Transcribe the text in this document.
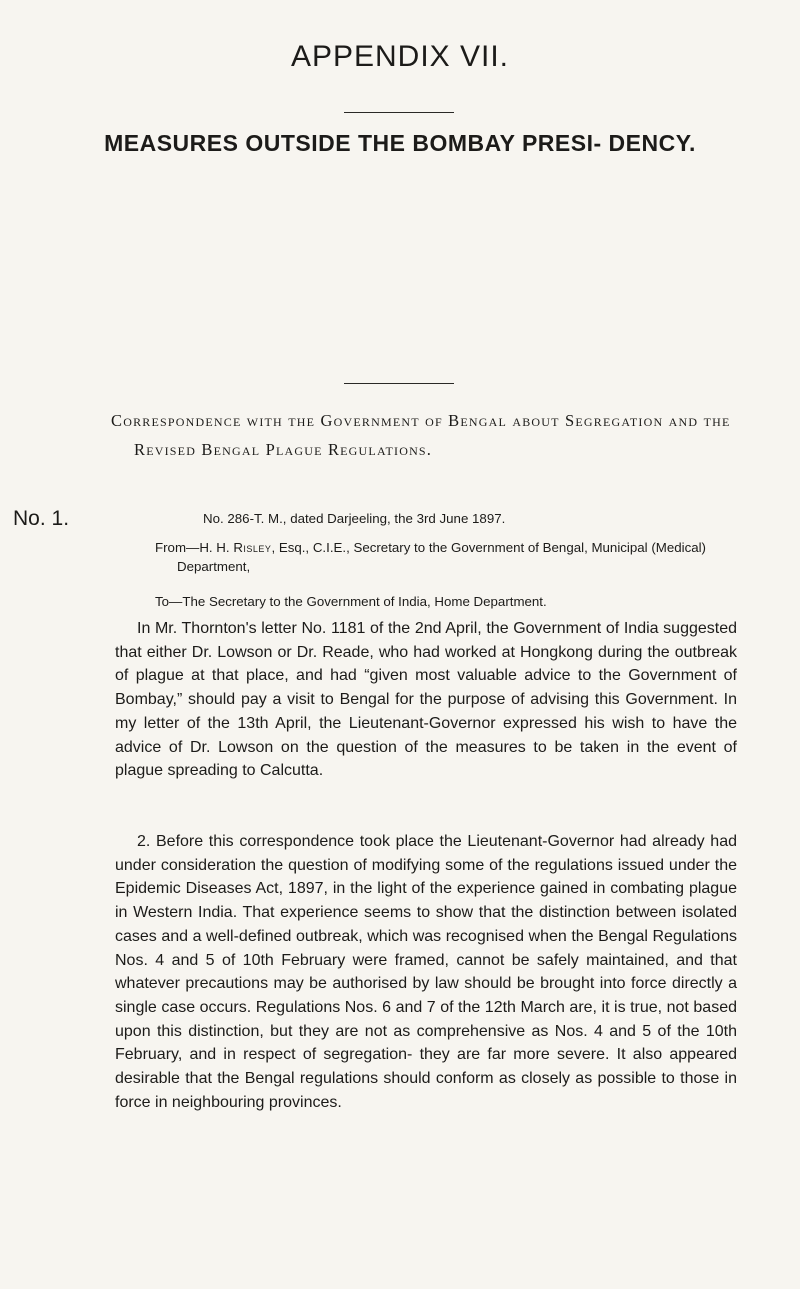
APPENDIX VII.
MEASURES OUTSIDE THE BOMBAY PRESI- DENCY.
Correspondence with the Government of Bengal about Segregation and the Revised Bengal Plague Regulations.
No. 1.	No. 286-T. M., dated Darjeeling, the 3rd June 1897.
From—H. H. Risley, Esq., C.I.E., Secretary to the Government of Bengal, Municipal (Medical) Department,
To—The Secretary to the Government of India, Home Department.
In Mr. Thornton's letter No. 1181 of the 2nd April, the Government of India suggested that either Dr. Lowson or Dr. Reade, who had worked at Hongkong during the outbreak of plague at that place, and had “given most valuable advice to the Government of Bombay,” should pay a visit to Bengal for the purpose of advising this Government. In my letter of the 13th April, the Lieutenant-Governor expressed his wish to have the advice of Dr. Lowson on the question of the measures to be taken in the event of plague spreading to Calcutta.
2. Before this correspondence took place the Lieutenant-Governor had already had under consideration the question of modifying some of the regulations issued under the Epidemic Diseases Act, 1897, in the light of the experience gained in combating plague in Western India. That experience seems to show that the distinction between isolated cases and a well-defined outbreak, which was recognised when the Bengal Regulations Nos. 4 and 5 of 10th February were framed, cannot be safely maintained, and that whatever precautions may be authorised by law should be brought into force directly a single case occurs. Regulations Nos. 6 and 7 of the 12th March are, it is true, not based upon this distinction, but they are not as comprehensive as Nos. 4 and 5 of the 10th February, and in respect of segregation- they are far more severe. It also appeared desirable that the Bengal regulations should conform as closely as possible to those in force in neighbouring provinces.
